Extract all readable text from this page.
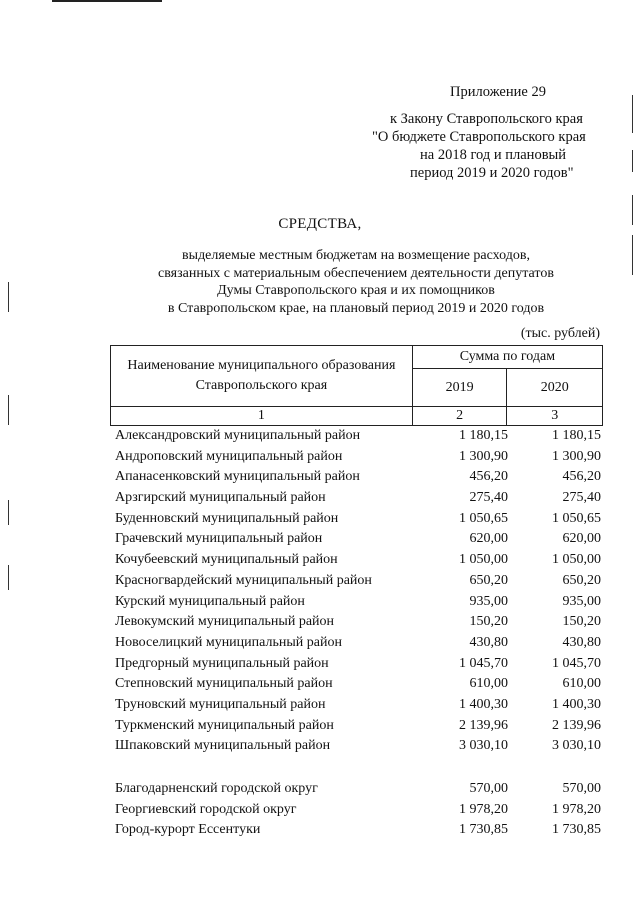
Приложение 29
к Закону Ставропольского края
"О бюджете Ставропольского края
на 2018 год и плановый
период 2019 и 2020 годов"
СРЕДСТВА,
выделяемые местным бюджетам на возмещение расходов,
связанных с материальным обеспечением деятельности депутатов
Думы Ставропольского края и их помощников
в Ставропольском крае, на плановый период 2019 и 2020 годов
(тыс. рублей)
Наименование муниципального образования
Ставропольского края	Сумма по годам	
	2019	2020
1	2	3
Александровский муниципальный район	1 180,15	1 180,15
Андроповский муниципальный район	1 300,90	1 300,90
Апанасенковский муниципальный район	456,20	456,20
Арзгирский муниципальный район	275,40	275,40
Буденновский муниципальный район	1 050,65	1 050,65
Грачевский муниципальный район	620,00	620,00
Кочубеевский муниципальный район	1 050,00	1 050,00
Красногвардейский муниципальный район	650,20	650,20
Курский муниципальный район	935,00	935,00
Левокумский муниципальный район	150,20	150,20
Новоселицкий муниципальный район	430,80	430,80
Предгорный муниципальный район	1 045,70	1 045,70
Степновский муниципальный район	610,00	610,00
Труновский муниципальный район	1 400,30	1 400,30
Туркменский муниципальный район	2 139,96	2 139,96
Шпаковский муниципальный район	3 030,10	3 030,10
Благодарненский городской округ	570,00	570,00
Георгиевский городской округ	1 978,20	1 978,20
Город-курорт Ессентуки	1 730,85	1 730,85
